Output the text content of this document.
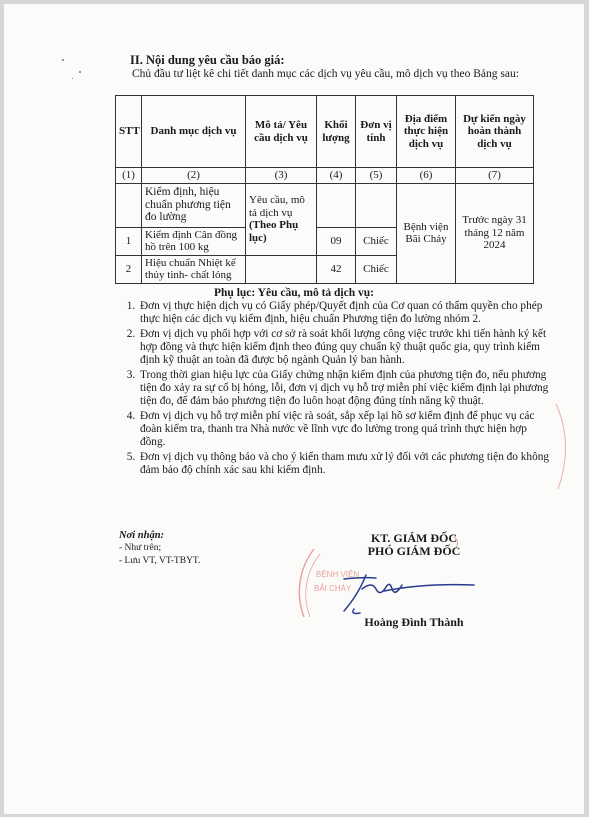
II. Nội dung yêu cầu báo giá:
Chủ đầu tư liệt kê chi tiết danh mục các dịch vụ yêu cầu, mô dịch vụ theo Bảng sau:
STT	Danh mục dịch vụ	Mô tả/ Yêu cầu dịch vụ	Khối lượng	Đơn vị tính	Địa điểm thực hiện dịch vụ	Dự kiến ngày hoàn thành dịch vụ
(1)	(2)	(3)	(4)	(5)	(6)	(7)
	Kiểm định, hiệu chuẩn phương tiện đo lường	Yêu cầu, mô tả dịch vụ (Theo Phụ lục)			Bệnh viện Bãi Cháy	Trước ngày 31 tháng 12 năm 2024
1	Kiểm định Cân đồng hồ trên 100 kg		09	Chiếc		
2	Hiệu chuẩn Nhiệt kế thủy tinh- chất lỏng		42	Chiếc		
Phụ lục: Yêu cầu, mô tả dịch vụ:
1. Đơn vị thực hiện dịch vụ có Giấy phép/Quyết định của Cơ quan có thẩm quyền cho phép thực hiện các dịch vụ kiểm định, hiệu chuẩn Phương tiện đo lường nhóm 2.
2. Đơn vị dịch vụ phối hợp với cơ sở rà soát khối lượng công việc trước khi tiến hành ký kết hợp đồng và thực hiện kiểm định theo đúng quy chuẩn kỹ thuật quốc gia, quy trình kiểm định kỹ thuật an toàn đã được bộ ngành Quản lý ban hành.
3. Trong thời gian hiệu lực của Giấy chứng nhận kiểm định của phương tiện đo, nếu phương tiện đo xảy ra sự cố bị hỏng, lỗi, đơn vị dịch vụ hỗ trợ miễn phí việc kiểm định lại phương tiện đo, để đảm bảo phương tiện đo luôn hoạt động đúng tính năng kỹ thuật.
4. Đơn vị dịch vụ hỗ trợ miễn phí việc rà soát, sắp xếp lại hồ sơ kiểm định để phục vụ các đoàn kiểm tra, thanh tra Nhà nước về lĩnh vực đo lường trong quá trình thực hiện hợp đồng.
5. Đơn vị dịch vụ thông báo và cho ý kiến tham mưu xử lý đối với các phương tiện đo không đảm bảo độ chính xác sau khi kiểm định.
Nơi nhận:
- Như trên;
- Lưu VT, VT-TBYT.
KT. GIÁM ĐỐC
PHÓ GIÁM ĐỐC
BỆNH VIỆN
BÃI CHÁY
Hoàng Đình Thành
